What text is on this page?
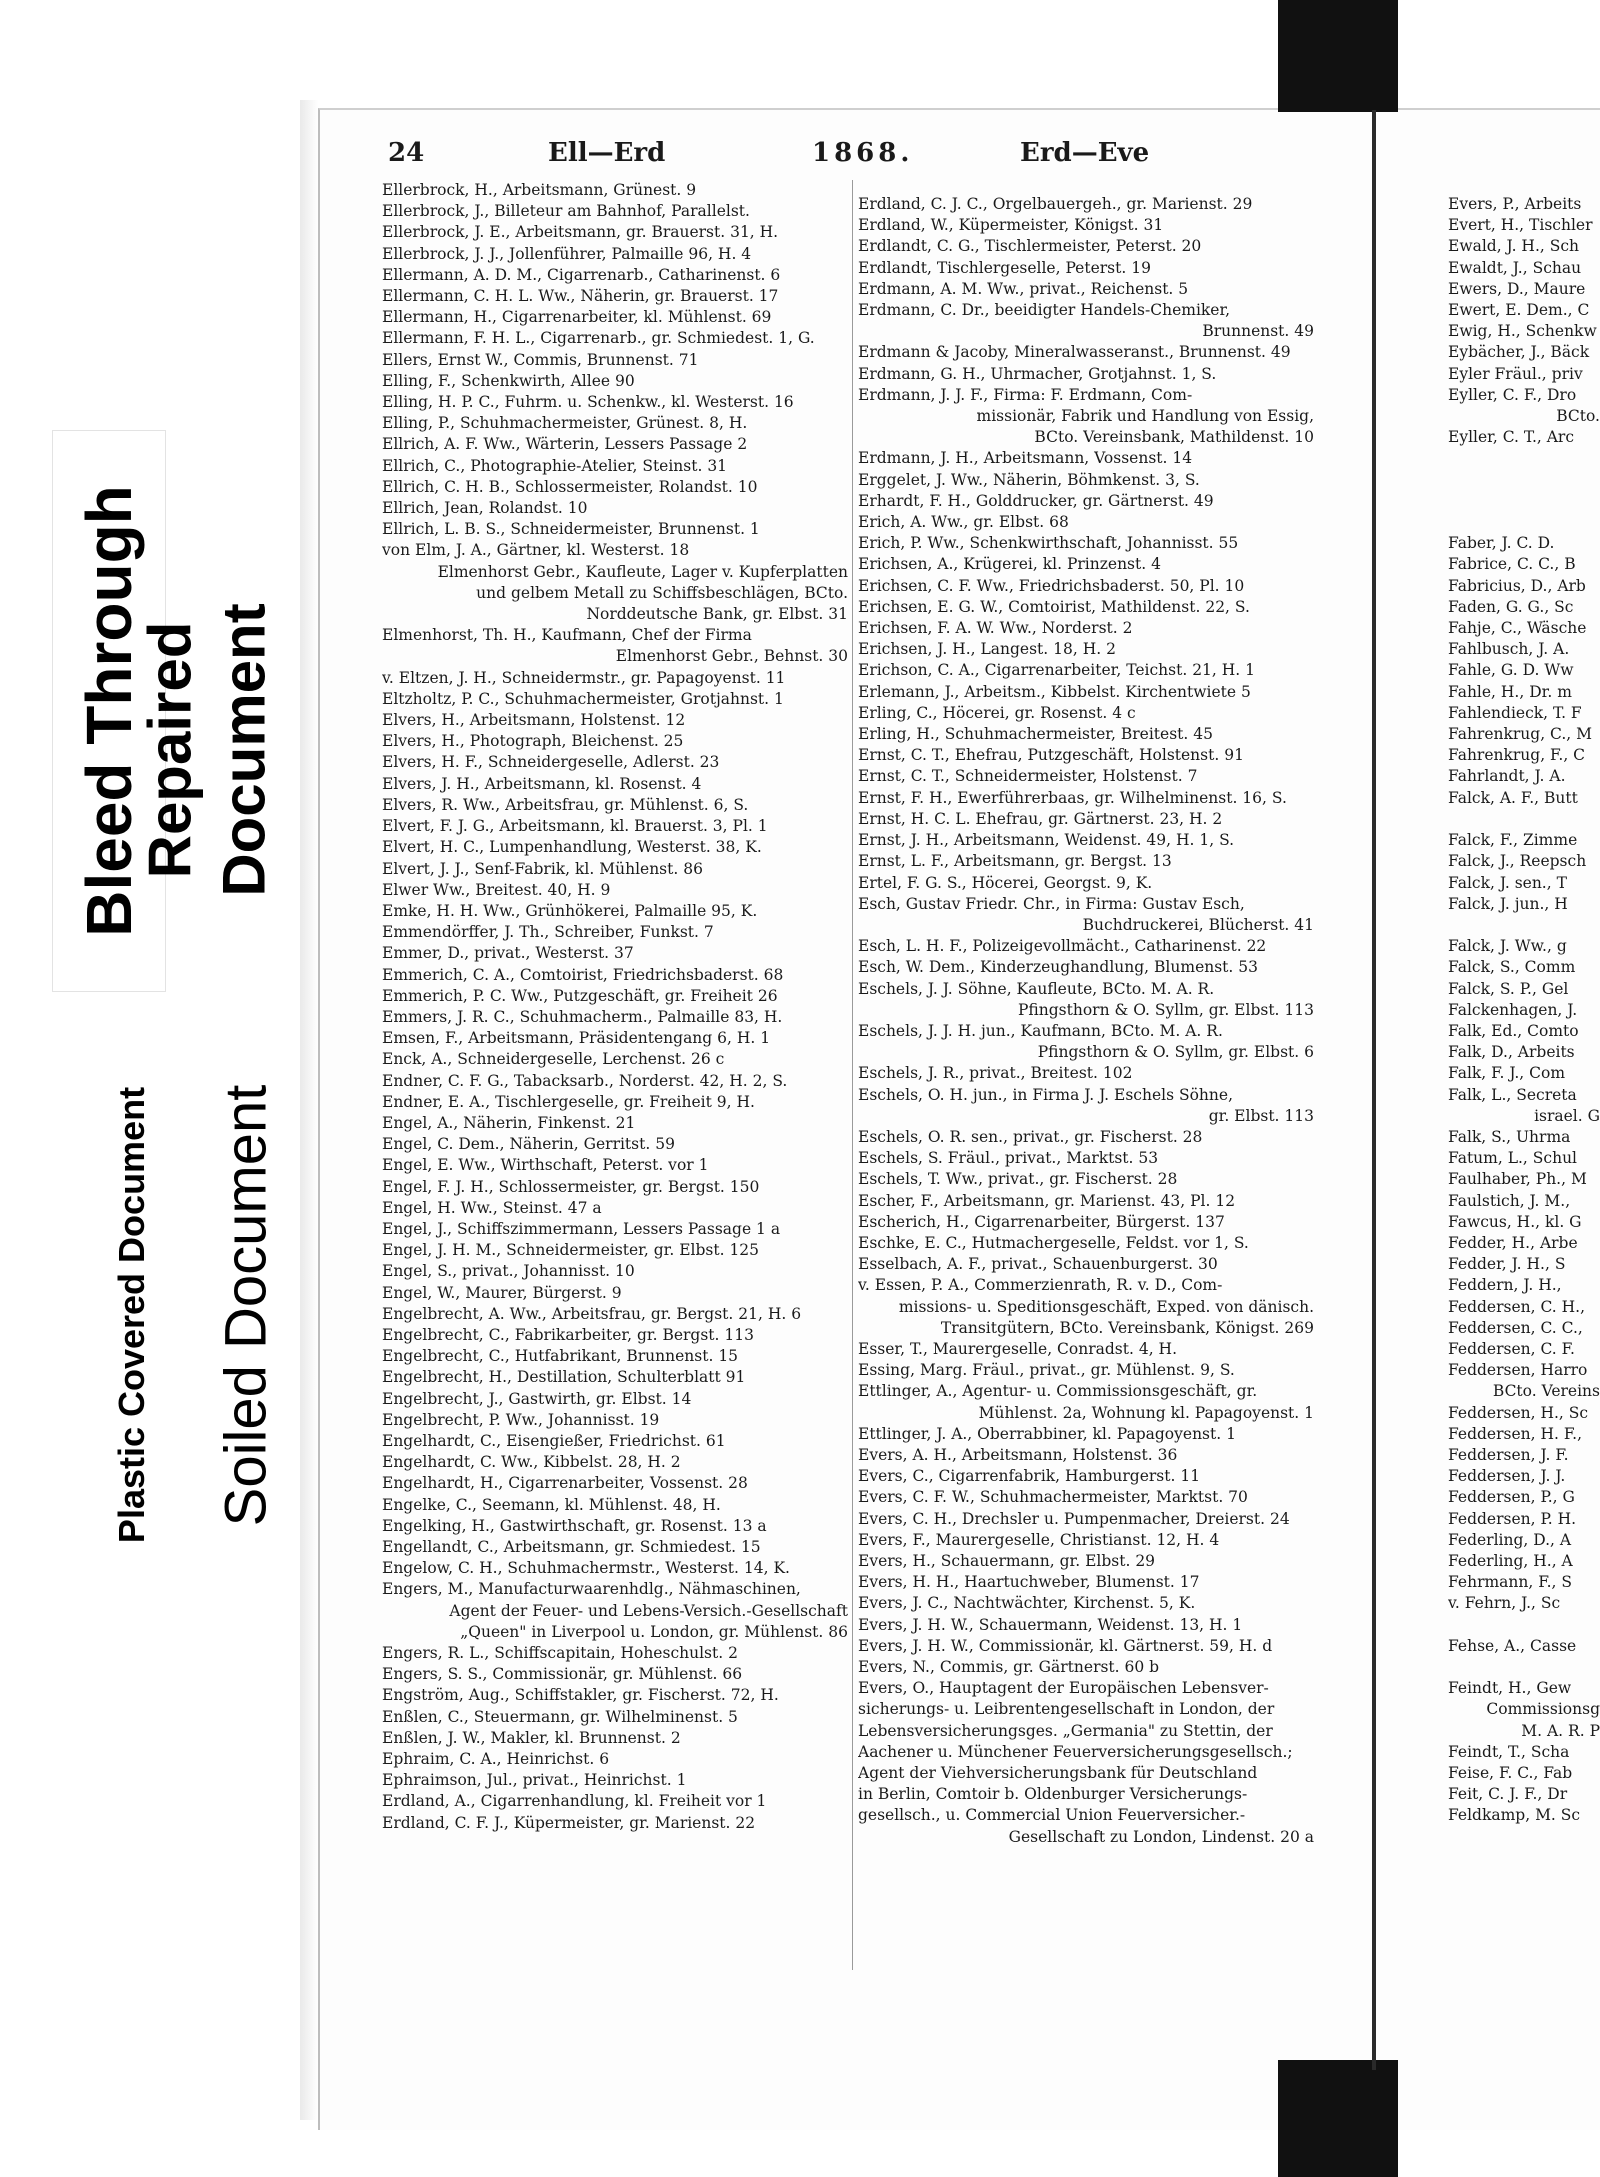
Bleed Through
Repaired Document
Plastic Covered Document Soiled Document
24	Ell—Erd	1868.	Erd—Eve
Ellerbrock, H., Arbeitsmann, Grünest. 9
Ellerbrock, J., Billeteur am Bahnhof, Parallelst.
Ellerbrock, J. E., Arbeitsmann, gr. Brauerst. 31, H.
Ellerbrock, J. J., Jollenführer, Palmaille 96, H. 4
Ellermann, A. D. M., Cigarrenarb., Catharinenst. 6
Ellermann, C. H. L. Ww., Näherin, gr. Brauerst. 17
Ellermann, H., Cigarrenarbeiter, kl. Mühlenst. 69
Ellermann, F. H. L., Cigarrenarb., gr. Schmiedest. 1, G.
Ellers, Ernst W., Commis, Brunnenst. 71
Elling, F., Schenkwirth, Allee 90
Elling, H. P. C., Fuhrm. u. Schenkw., kl. Westerst. 16
Elling, P., Schuhmachermeister, Grünest. 8, H.
Ellrich, A. F. Ww., Wärterin, Lessers Passage 2
Ellrich, C., Photographie-Atelier, Steinst. 31
Ellrich, C. H. B., Schlossermeister, Rolandst. 10
Ellrich, Jean, Rolandst. 10
Ellrich, L. B. S., Schneidermeister, Brunnenst. 1
von Elm, J. A., Gärtner, kl. Westerst. 18
Elmenhorst Gebr., Kaufleute, Lager v. Kupferplatten
und gelbem Metall zu Schiffsbeschlägen, BCto.
Norddeutsche Bank, gr. Elbst. 31
Elmenhorst, Th. H., Kaufmann, Chef der Firma
Elmenhorst Gebr., Behnst. 30
v. Eltzen, J. H., Schneidermstr., gr. Papagoyenst. 11
Eltzholtz, P. C., Schuhmachermeister, Grotjahnst. 1
Elvers, H., Arbeitsmann, Holstenst. 12
Elvers, H., Photograph, Bleichenst. 25
Elvers, H. F., Schneidergeselle, Adlerst. 23
Elvers, J. H., Arbeitsmann, kl. Rosenst. 4
Elvers, R. Ww., Arbeitsfrau, gr. Mühlenst. 6, S.
Elvert, F. J. G., Arbeitsmann, kl. Brauerst. 3, Pl. 1
Elvert, H. C., Lumpenhandlung, Westerst. 38, K.
Elvert, J. J., Senf-Fabrik, kl. Mühlenst. 86
Elwer Ww., Breitest. 40, H. 9
Emke, H. H. Ww., Grünhökerei, Palmaille 95, K.
Emmendörffer, J. Th., Schreiber, Funkst. 7
Emmer, D., privat., Westerst. 37
Emmerich, C. A., Comtoirist, Friedrichsbaderst. 68
Emmerich, P. C. Ww., Putzgeschäft, gr. Freiheit 26
Emmers, J. R. C., Schuhmacherm., Palmaille 83, H.
Emsen, F., Arbeitsmann, Präsidentengang 6, H. 1
Enck, A., Schneidergeselle, Lerchenst. 26 c
Endner, C. F. G., Tabacksarb., Norderst. 42, H. 2, S.
Endner, E. A., Tischlergeselle, gr. Freiheit 9, H.
Engel, A., Näherin, Finkenst. 21
Engel, C. Dem., Näherin, Gerritst. 59
Engel, E. Ww., Wirthschaft, Peterst. vor 1
Engel, F. J. H., Schlossermeister, gr. Bergst. 150
Engel, H. Ww., Steinst. 47 a
Engel, J., Schiffszimmermann, Lessers Passage 1 a
Engel, J. H. M., Schneidermeister, gr. Elbst. 125
Engel, S., privat., Johannisst. 10
Engel, W., Maurer, Bürgerst. 9
Engelbrecht, A. Ww., Arbeitsfrau, gr. Bergst. 21, H. 6
Engelbrecht, C., Fabrikarbeiter, gr. Bergst. 113
Engelbrecht, C., Hutfabrikant, Brunnenst. 15
Engelbrecht, H., Destillation, Schulterblatt 91
Engelbrecht, J., Gastwirth, gr. Elbst. 14
Engelbrecht, P. Ww., Johannisst. 19
Engelhardt, C., Eisengießer, Friedrichst. 61
Engelhardt, C. Ww., Kibbelst. 28, H. 2
Engelhardt, H., Cigarrenarbeiter, Vossenst. 28
Engelke, C., Seemann, kl. Mühlenst. 48, H.
Engelking, H., Gastwirthschaft, gr. Rosenst. 13 a
Engellandt, C., Arbeitsmann, gr. Schmiedest. 15
Engelow, C. H., Schuhmachermstr., Westerst. 14, K.
Engers, M., Manufacturwaarenhdlg., Nähmaschinen,
Agent der Feuer- und Lebens-Versich.-Gesellschaft
„Queen" in Liverpool u. London, gr. Mühlenst. 86
Engers, R. L., Schiffscapitain, Hoheschulst. 2
Engers, S. S., Commissionär, gr. Mühlenst. 66
Engström, Aug., Schiffstakler, gr. Fischerst. 72, H.
Enßlen, C., Steuermann, gr. Wilhelminenst. 5
Enßlen, J. W., Makler, kl. Brunnenst. 2
Ephraim, C. A., Heinrichst. 6
Ephraimson, Jul., privat., Heinrichst. 1
Erdland, A., Cigarrenhandlung, kl. Freiheit vor 1
Erdland, C. F. J., Küpermeister, gr. Marienst. 22
Erdland, C. J. C., Orgelbauergeh., gr. Marienst. 29
Erdland, W., Küpermeister, Königst. 31
Erdlandt, C. G., Tischlermeister, Peterst. 20
Erdlandt, Tischlergeselle, Peterst. 19
Erdmann, A. M. Ww., privat., Reichenst. 5
Erdmann, C. Dr., beeidigter Handels-Chemiker,
Brunnenst. 49
Erdmann & Jacoby, Mineralwasseranst., Brunnenst. 49
Erdmann, G. H., Uhrmacher, Grotjahnst. 1, S.
Erdmann, J. J. F., Firma: F. Erdmann, Com-
missionär, Fabrik und Handlung von Essig,
BCto. Vereinsbank, Mathildenst. 10
Erdmann, J. H., Arbeitsmann, Vossenst. 14
Erggelet, J. Ww., Näherin, Böhmkenst. 3, S.
Erhardt, F. H., Golddrucker, gr. Gärtnerst. 49
Erich, A. Ww., gr. Elbst. 68
Erich, P. Ww., Schenkwirthschaft, Johannisst. 55
Erichsen, A., Krügerei, kl. Prinzenst. 4
Erichsen, C. F. Ww., Friedrichsbaderst. 50, Pl. 10
Erichsen, E. G. W., Comtoirist, Mathildenst. 22, S.
Erichsen, F. A. W. Ww., Norderst. 2
Erichsen, J. H., Langest. 18, H. 2
Erichson, C. A., Cigarrenarbeiter, Teichst. 21, H. 1
Erlemann, J., Arbeitsm., Kibbelst. Kirchentwiete 5
Erling, C., Höcerei, gr. Rosenst. 4 c
Erling, H., Schuhmachermeister, Breitest. 45
Ernst, C. T., Ehefrau, Putzgeschäft, Holstenst. 91
Ernst, C. T., Schneidermeister, Holstenst. 7
Ernst, F. H., Ewerführerbaas, gr. Wilhelminenst. 16, S.
Ernst, H. C. L. Ehefrau, gr. Gärtnerst. 23, H. 2
Ernst, J. H., Arbeitsmann, Weidenst. 49, H. 1, S.
Ernst, L. F., Arbeitsmann, gr. Bergst. 13
Ertel, F. G. S., Höcerei, Georgst. 9, K.
Esch, Gustav Friedr. Chr., in Firma: Gustav Esch,
Buchdruckerei, Blücherst. 41
Esch, L. H. F., Polizeigevollmächt., Catharinenst. 22
Esch, W. Dem., Kinderzeughandlung, Blumenst. 53
Eschels, J. J. Söhne, Kaufleute, BCto. M. A. R.
Pfingsthorn & O. Syllm, gr. Elbst. 113
Eschels, J. J. H. jun., Kaufmann, BCto. M. A. R.
Pfingsthorn & O. Syllm, gr. Elbst. 6
Eschels, J. R., privat., Breitest. 102
Eschels, O. H. jun., in Firma J. J. Eschels Söhne,
gr. Elbst. 113
Eschels, O. R. sen., privat., gr. Fischerst. 28
Eschels, S. Fräul., privat., Marktst. 53
Eschels, T. Ww., privat., gr. Fischerst. 28
Escher, F., Arbeitsmann, gr. Marienst. 43, Pl. 12
Escherich, H., Cigarrenarbeiter, Bürgerst. 137
Eschke, E. C., Hutmachergeselle, Feldst. vor 1, S.
Esselbach, A. F., privat., Schauenburgerst. 30
v. Essen, P. A., Commerzienrath, R. v. D., Com-
missions- u. Speditionsgeschäft, Exped. von dänisch.
Transitgütern, BCto. Vereinsbank, Königst. 269
Esser, T., Maurergeselle, Conradst. 4, H.
Essing, Marg. Fräul., privat., gr. Mühlenst. 9, S.
Ettlinger, A., Agentur- u. Commissionsgeschäft, gr.
Mühlenst. 2a, Wohnung kl. Papagoyenst. 1
Ettlinger, J. A., Oberrabbiner, kl. Papagoyenst. 1
Evers, A. H., Arbeitsmann, Holstenst. 36
Evers, C., Cigarrenfabrik, Hamburgerst. 11
Evers, C. F. W., Schuhmachermeister, Marktst. 70
Evers, C. H., Drechsler u. Pumpenmacher, Dreierst. 24
Evers, F., Maurergeselle, Christianst. 12, H. 4
Evers, H., Schauermann, gr. Elbst. 29
Evers, H. H., Haartuchweber, Blumenst. 17
Evers, J. C., Nachtwächter, Kirchenst. 5, K.
Evers, J. H. W., Schauermann, Weidenst. 13, H. 1
Evers, J. H. W., Commissionär, kl. Gärtnerst. 59, H. d
Evers, N., Commis, gr. Gärtnerst. 60 b
Evers, O., Hauptagent der Europäischen Lebensver-
sicherungs- u. Leibrentengesellschaft in London, der
Lebensversicherungsges. „Germania" zu Stettin, der
Aachener u. Münchener Feuerversicherungsgesellsch.;
Agent der Viehversicherungsbank für Deutschland
in Berlin, Comtoir b. Oldenburger Versicherungs-
gesellsch., u. Commercial Union Feuerversicher.-
Gesellschaft zu London, Lindenst. 20 a
Evers, P., Arbeits
Evert, H., Tischler
Ewald, J. H., Sch
Ewaldt, J., Schau
Ewers, D., Maure
Ewert, E. Dem., C
Ewig, H., Schenkw
Eybächer, J., Bäck
Eyler Fräul., priv
Eyller, C. F., Dro
BCto.
Eyller, C. T., Arc

Faber, J. C. D.
Fabrice, C. C., B
Fabricius, D., Arb
Faden, G. G., Sc
Fahje, C., Wäsche
Fahlbusch, J. A.
Fahle, G. D. Ww
Fahle, H., Dr. m
Fahlendieck, T. F
Fahrenkrug, C., M
Fahrenkrug, F., C
Fahrlandt, J. A.
Falck, A. F., Butt

Falck, F., Zimme
Falck, J., Reepsch
Falck, J. sen., T
Falck, J. jun., H

Falck, J. Ww., g
Falck, S., Comm
Falck, S. P., Gel
Falckenhagen, J.
Falk, Ed., Comto
Falk, D., Arbeits
Falk, F. J., Com
Falk, L., Secreta
israel. G
Falk, S., Uhrma
Fatum, L., Schul
Faulhaber, Ph., M
Faulstich, J. M.,
Fawcus, H., kl. G
Fedder, H., Arbe
Fedder, J. H., S
Feddern, J. H.,
Feddersen, C. H.,
Feddersen, C. C.,
Feddersen, C. F.
Feddersen, Harro
BCto. Vereins
Feddersen, H., Sc
Feddersen, H. F.,
Feddersen, J. F.
Feddersen, J. J.
Feddersen, P., G
Feddersen, P. H.
Federling, D., A
Federling, H., A
Fehrmann, F., S
v. Fehrn, J., Sc

Fehse, A., Casse

Feindt, H., Gew
Commissionsg
M. A. R. P
Feindt, T., Scha
Feise, F. C., Fab
Feit, C. J. F., Dr
Feldkamp, M. Sc
